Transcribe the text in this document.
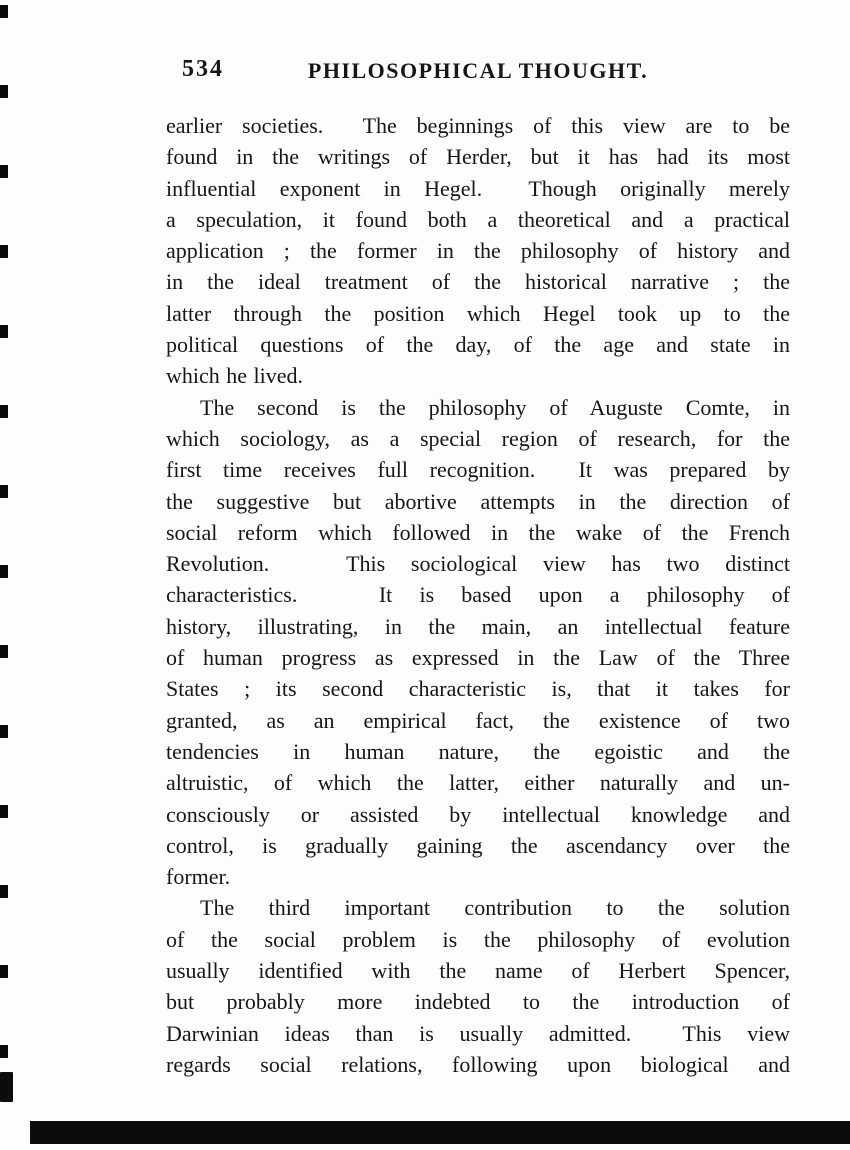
534	PHILOSOPHICAL THOUGHT.
earlier societies.  The beginnings of this view are to be
found in the writings of Herder, but it has had its most
influential exponent in Hegel.  Though originally merely
a speculation, it found both a theoretical and a practical
application ; the former in the philosophy of history and
in the ideal treatment of the historical narrative ; the
latter through the position which Hegel took up to the
political questions of the day, of the age and state in
which he lived.
The second is the philosophy of Auguste Comte, in
which sociology, as a special region of research, for the
first time receives full recognition.  It was prepared by
the suggestive but abortive attempts in the direction of
social reform which followed in the wake of the French
Revolution.   This sociological view has two distinct
characteristics.   It is based upon a philosophy of
history, illustrating, in the main, an intellectual feature
of human progress as expressed in the Law of the Three
States ; its second characteristic is, that it takes for
granted, as an empirical fact, the existence of two
tendencies in human nature, the egoistic and the
altruistic, of which the latter, either naturally and un-
consciously or assisted by intellectual knowledge and
control, is gradually gaining the ascendancy over the
former.
The third important contribution to the solution
of the social problem is the philosophy of evolution
usually identified with the name of Herbert Spencer,
but probably more indebted to the introduction of
Darwinian ideas than is usually admitted.  This view
regards social relations, following upon biological and
